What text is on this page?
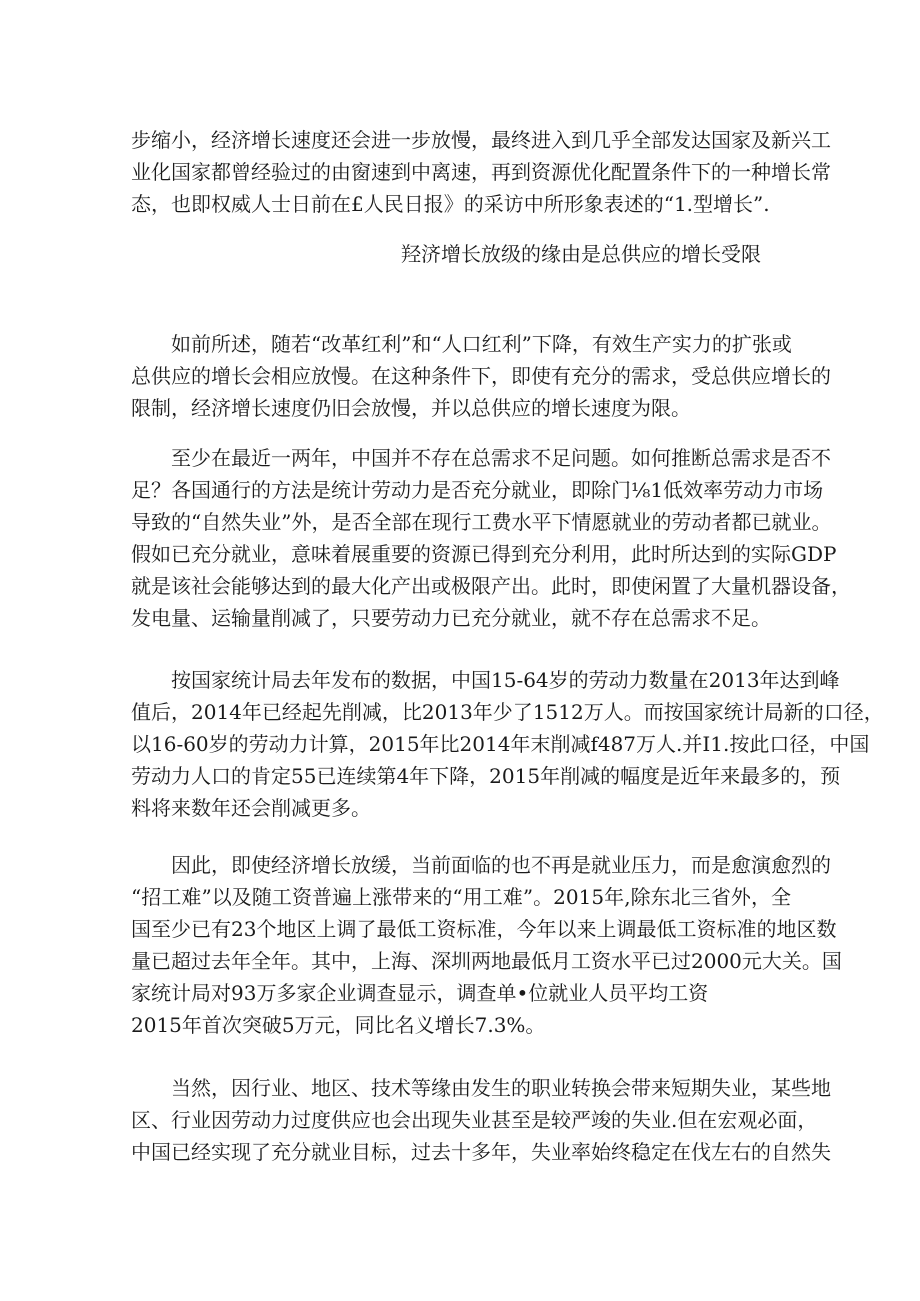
步缩小，经济增长速度还会进一步放慢，最终进入到几乎全部发达国家及新兴工
业化国家都曾经验过的由窗速到中离速，再到资源优化配置条件下的一种增长常
态，也即权威人士日前在£人民日报》的采访中所形象表述的“1.型增长”.
羟济增长放级的缘由是总供应的增长受限
如前所述，随若“改革红利”和“人口红利”下降，有效生产实力的扩张或
总供应的增长会相应放慢。在这种条件下，即使有充分的需求，受总供应增长的
限制，经济增长速度仍旧会放慢，并以总供应的增长速度为限。
至少在最近一两年，中国并不存在总需求不足问题。如何推断总需求是否不
足？各国通行的方法是统计劳动力是否充分就业，即除门⅛1低效率劳动力市场
导致的“自然失业”外，是否全部在现行工费水平下情愿就业的劳动者都已就业。
假如已充分就业，意味着展重要的资源已得到充分利用，此时所达到的实际GDP
就是该社会能够达到的最大化产出或极限产出。此时，即使闲置了大量机器设备，
发电量、运输量削减了，只要劳动力已充分就业，就不存在总需求不足。
按国家统计局去年发布的数据，中国15-64岁的劳动力数量在2013年达到峰
值后，2014年已经起先削减，比2013年少了1512万人。而按国家统计局新的口径，
以16-60岁的劳动力计算，2015年比2014年末削减f487万人.并I1.按此口径，中国
劳动力人口的肯定55已连续第4年下降，2015年削减的幅度是近年来最多的，预
料将来数年还会削减更多。
因此，即使经济增长放缓，当前面临的也不再是就业压力，而是愈演愈烈的
“招工难”以及随工资普遍上涨带来的“用工难”。2015年,除东北三省外，全
国至少已有23个地区上调了最低工资标准，今年以来上调最低工资标准的地区数
量已超过去年全年。其中，上海、深圳两地最低月工资水平已过2000元大关。国
家统计局对93万多家企业调查显示，调查单•位就业人员平均工资
2015年首次突破5万元，同比名义增长7.3%。
当然，因行业、地区、技术等缘由发生的职业转换会带来短期失业，某些地
区、行业因劳动力过度供应也会出现失业甚至是较严竣的失业.但在宏观必面，
中国已经实现了充分就业目标，过去十多年，失业率始终稳定在伐左右的自然失
